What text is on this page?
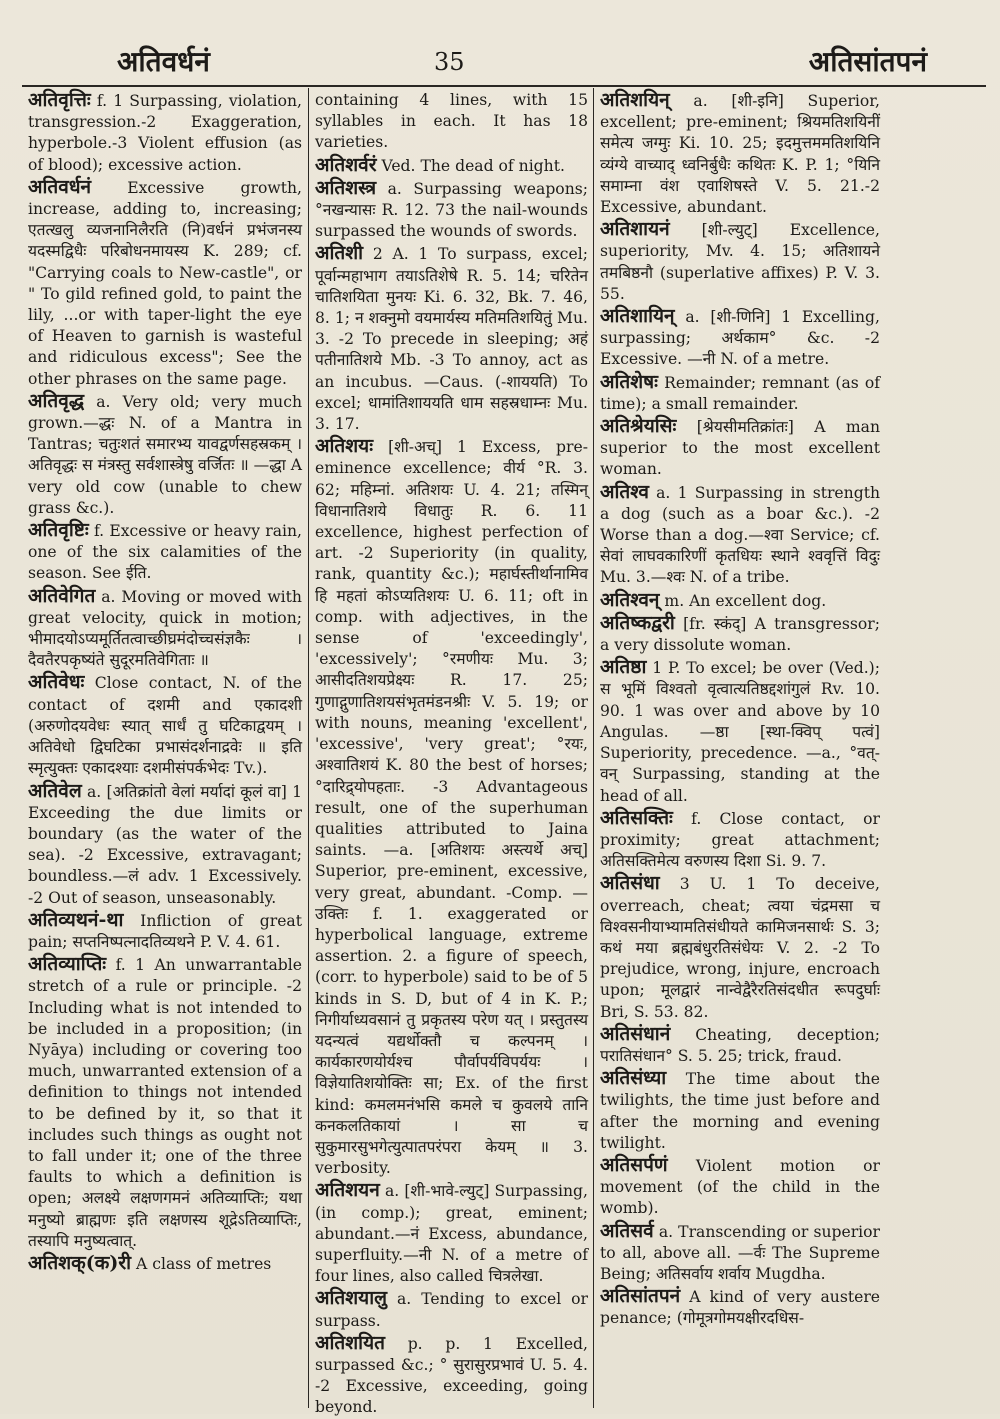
अतिवर्धनं	35	अतिसांतपनं

अतिवृत्तिः f. 1 Surpassing, violation, transgression.-2 Exaggeration, hyperbole.-3 Violent effusion (as of blood); excessive action.

अतिवर्धनं Excessive growth, increase, adding to, increasing; एतत्खलु व्यजनानिलैरति (नि)वर्धनं प्रभंजनस्य यदस्मद्विधैः परिबोधनमायस्य K. 289; cf. "Carrying coals to New-castle", or " To gild refined gold, to paint the lily, ...or with taper-light the eye of Heaven to garnish is wasteful and ridiculous excess"; See the other phrases on the same page.

अतिवृद्ध a. Very old; very much grown.—द्धः N. of a Mantra in Tantras; चतुःशतं समारभ्य यावद्वर्णसहस्रकम् । अतिवृद्धः स मंत्रस्तु सर्वशास्त्रेषु वर्जितः ॥ —द्धा A very old cow (unable to chew grass &c.).

अतिवृष्टिः f. Excessive or heavy rain, one of the six calamities of the season. See ईति.

अतिवेगित a. Moving or moved with great velocity, quick in motion; भीमादयोऽप्यमूर्तितत्वाच्छीघ्रमंदोच्चसंज्ञकैः । दैवतैरपकृष्यंते सुदूरमतिवेगिताः ॥

अतिवेधः Close contact, N. of the contact of दशमी and एकादशी (अरुणोदयवेधः स्यात् सार्धं तु घटिकाद्वयम् । अतिवेधो द्विघटिका प्रभासंदर्शनाद्रवेः ॥ इति स्मृत्युक्तः एकादश्याः दशमीसंपर्कभेदः Tv.).

अतिवेल a. [अतिक्रांतो वेलां मर्यादां कूलं वा] 1 Exceeding the due limits or boundary (as the water of the sea). -2 Excessive, extravagant; boundless.—लं adv. 1 Excessively. -2 Out of season, unseasonably.

अतिव्यथनं-था Infliction of great pain; सप्तनिष्पत्नादतिव्यथने P. V. 4. 61.

अतिव्याप्तिः f. 1 An unwarrantable stretch of a rule or principle. -2 Including what is not intended to be included in a proposition; (in Nyāya) including or covering too much, unwarranted extension of a definition to things not intended to be defined by it, so that it includes such things as ought not to fall under it; one of the three faults to which a definition is open; अलक्ष्ये लक्षणगमनं अतिव्याप्तिः; यथा मनुष्यो ब्राह्मणः इति लक्षणस्य शूद्रेऽतिव्याप्तिः, तस्यापि मनुष्यत्वात्.

अतिशक्(क)री A class of metres

containing 4 lines, with 15 syllables in each. It has 18 varieties.

अतिशर्वरं Ved. The dead of night.

अतिशस्त्र a. Surpassing weapons; °नखन्यासः R. 12. 73 the nail-wounds surpassed the wounds of swords.

अतिशी 2 A. 1 To surpass, excel; पूर्वान्महाभाग तयाऽतिशेषे R. 5. 14; चरितेन चातिशयिता मुनयः Ki. 6. 32, Bk. 7. 46, 8. 1; न शक्नुमो वयमार्यस्य मतिमतिशयितुं Mu. 3. -2 To precede in sleeping; अहं पतीनातिशये Mb. -3 To annoy, act as an incubus. —Caus. (-शाययति) To excel; धामांतिशाययति धाम सहस्रधाम्नः Mu. 3. 17.

अतिशयः [शी-अच्] 1 Excess, pre-eminence excellence; वीर्य °R. 3. 62; महिम्नां. अतिशयः U. 4. 21; तस्मिन् विधानातिशये विधातुः R. 6. 11 excellence, highest perfection of art. -2 Superiority (in quality, rank, quantity &c.); महार्घस्तीर्थानामिव हि महतां कोऽप्यतिशयः U. 6. 11; oft in comp. with adjectives, in the sense of 'exceedingly', 'excessively'; °रमणीयः Mu. 3; आसीदतिशयप्रेक्ष्यः R. 17. 25; गुणाद्गुणातिशयसंभृतमंडनश्रीः V. 5. 19; or with nouns, meaning 'excellent', 'excessive', 'very great'; °रयः, अश्वातिशयं K. 80 the best of horses; °दारिद्र्योपहताः. -3 Advantageous result, one of the superhuman qualities attributed to Jaina saints. —a. [अतिशयः अस्त्यर्थे अच्] Superior, pre-eminent, excessive, very great, abundant. -Comp. —उक्तिः f. 1. exaggerated or hyperbolical language, extreme assertion. 2. a figure of speech, (corr. to hyperbole) said to be of 5 kinds in S. D, but of 4 in K. P.; निगीर्याध्यवसानं तु प्रकृतस्य परेण यत् । प्रस्तुतस्य यदन्यत्वं यद्यर्थोक्तौ च कल्पनम् । कार्यकारणयोर्यश्च पौर्वापर्यविपर्ययः । विज्ञेयातिशयोक्तिः सा; Ex. of the first kind: कमलमनंभसि कमले च कुवलये तानि कनकलतिकायां । सा च सुकुमारसुभगेत्युत्पातपरंपरा केयम् ॥ 3. verbosity.

अतिशयन a. [शी-भावे-ल्युट्] Surpassing, (in comp.); great, eminent; abundant.—नं Excess, abundance, superfluity.—नी N. of a metre of four lines, also called चित्रलेखा.

अतिशयालु a. Tending to excel or surpass.

अतिशयित p. p. 1 Excelled, surpassed &c.; ° सुरासुरप्रभावं U. 5. 4. -2 Excessive, exceeding, going beyond.

अतिशयिन् a. [शी-इनि] Superior, excellent; pre-eminent; श्रियमतिशयिनीं समेत्य जग्मुः Ki. 10. 25; इदमुत्तममतिशयिनि व्यंग्ये वाच्याद् ध्वनिर्बुधैः कथितः K. P. 1; °यिनि समाम्ना वंश एवाशिषस्ते V. 5. 21.-2 Excessive, abundant.

अतिशायनं [शी-ल्युट्] Excellence, superiority, Mv. 4. 15; अतिशायने तमबिष्ठनौ (superlative affixes) P. V. 3. 55.

अतिशायिन् a. [शी-णिनि] 1 Excelling, surpassing; अर्थकाम° &c. -2 Excessive. —नी N. of a metre.

अतिशेषः Remainder; remnant (as of time); a small remainder.

अतिश्रेयसिः [श्रेयसीमतिक्रांतः] A man superior to the most excellent woman.

अतिश्व a. 1 Surpassing in strength a dog (such as a boar &c.). -2 Worse than a dog.—श्वा Service; cf. सेवां लाघवकारिणीं कृतधियः स्थाने श्ववृत्तिं विदुः Mu. 3.—श्वः N. of a tribe.

अतिश्वन् m. An excellent dog.

अतिष्कद्वरी [fr. स्कंद्] A transgressor; a very dissolute woman.

अतिष्ठा 1 P. To excel; be over (Ved.); स भूमिं विश्वतो वृत्वात्यतिष्ठद्दशांगुलं Rv. 10. 90. 1 was over and above by 10 Angulas. —ष्ठा [स्था-क्विप् पत्वं] Superiority, precedence. —a., °वत्-वन् Surpassing, standing at the head of all.

अतिसक्तिः f. Close contact, or proximity; great attachment; अतिसक्तिमेत्य वरुणस्य दिशा Si. 9. 7.

अतिसंधा 3 U. 1 To deceive, overreach, cheat; त्वया चंद्रमसा च विश्वसनीयाभ्यामतिसंधीयते कामिजनसार्थः S. 3; कथं मया ब्रह्मबंधुरतिसंधेयः V. 2. -2 To prejudice, wrong, injure, encroach upon; मूलद्वारं नान्वेद्वैरैरतिसंदधीत रूपदुर्घाः Bri, S. 53. 82.

अतिसंधानं Cheating, deception; परातिसंधान° S. 5. 25; trick, fraud.

अतिसंध्या The time about the twilights, the time just before and after the morning and evening twilight.

अतिसर्पणं Violent motion or movement (of the child in the womb).

अतिसर्व a. Transcending or superior to all, above all. —र्वः The Supreme Being; अतिसर्वाय शर्वाय Mugdha.

अतिसांतपनं A kind of very austere penance; (गोमूत्रगोमयक्षीरदधिस-
